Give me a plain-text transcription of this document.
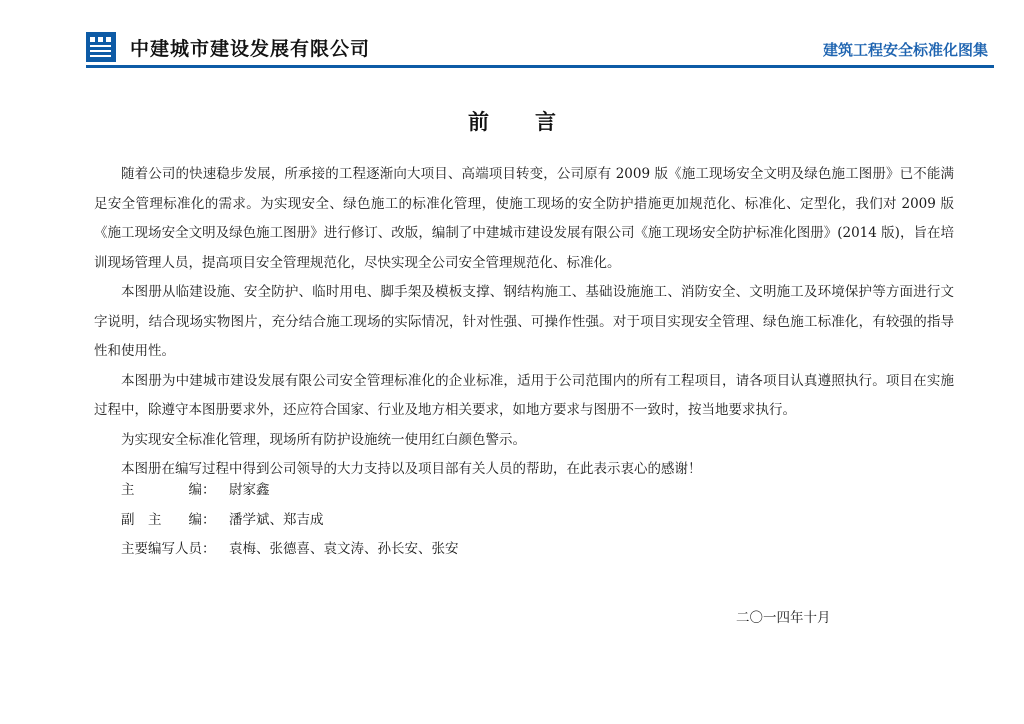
中建城市建设发展有限公司	建筑工程安全标准化图集
前言

随着公司的快速稳步发展，所承接的工程逐渐向大项目、高端项目转变，公司原有 2009 版《施工现场安全文明及绿色施工图册》已不能满足安全管理标准化的需求。为实现安全、绿色施工的标准化管理，使施工现场的安全防护措施更加规范化、标准化、定型化，我们对 2009 版《施工现场安全文明及绿色施工图册》进行修订、改版，编制了中建城市建设发展有限公司《施工现场安全防护标准化图册》(2014 版)，旨在培训现场管理人员，提高项目安全管理规范化，尽快实现全公司安全管理规范化、标准化。

本图册从临建设施、安全防护、临时用电、脚手架及模板支撑、钢结构施工、基础设施施工、消防安全、文明施工及环境保护等方面进行文字说明，结合现场实物图片，充分结合施工现场的实际情况，针对性强、可操作性强。对于项目实现安全管理、绿色施工标准化，有较强的指导性和使用性。

本图册为中建城市建设发展有限公司安全管理标准化的企业标准，适用于公司范围内的所有工程项目，请各项目认真遵照执行。项目在实施过程中，除遵守本图册要求外，还应符合国家、行业及地方相关要求，如地方要求与图册不一致时，按当地要求执行。

为实现安全标准化管理，现场所有防护设施统一使用红白颜色警示。

本图册在编写过程中得到公司领导的大力支持以及项目部有关人员的帮助，在此表示衷心的感谢！

主　　　　编： 尉家鑫
副　主　　编： 潘学斌、郑吉成
主要编写人员： 袁梅、张德喜、袁文涛、孙长安、张安
二〇一四年十月
